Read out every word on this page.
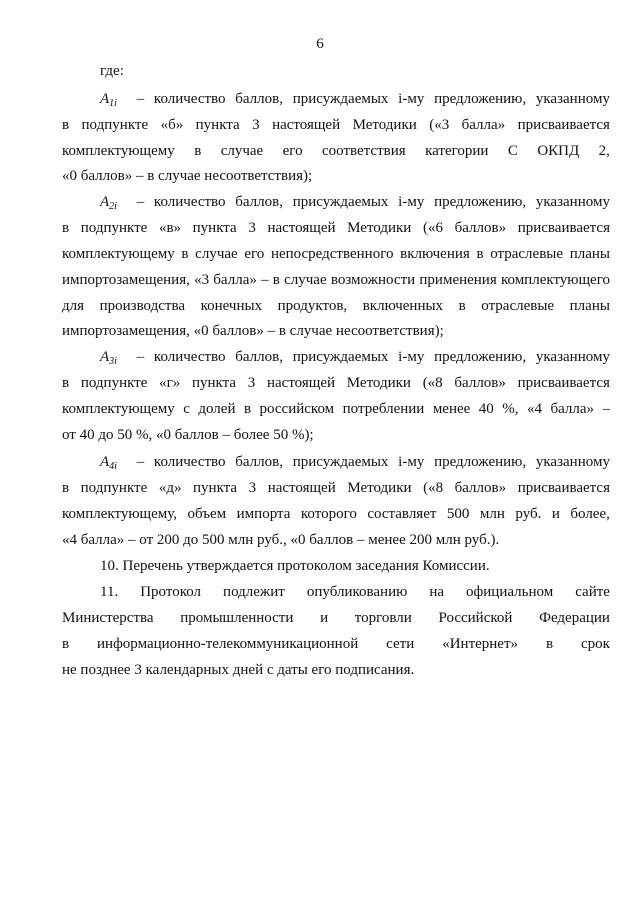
6
где:
$A_{1i}$ – количество баллов, присуждаемых i-му предложению, указанному
в подпункте «б» пункта 3 настоящей Методики («3 балла» присваивается
комплектующему в случае его соответствия категории С ОКПД 2,
«0 баллов» – в случае несоответствия);
$A_{2i}$ – количество баллов, присуждаемых i-му предложению, указанному
в подпункте «в» пункта 3 настоящей Методики («6 баллов» присваивается
комплектующему в случае его непосредственного включения в отраслевые планы
импортозамещения, «3 балла» – в случае возможности применения комплектующего
для производства конечных продуктов, включенных в отраслевые планы
импортозамещения, «0 баллов» – в случае несоответствия);
$A_{3i}$ – количество баллов, присуждаемых i-му предложению, указанному
в подпункте «г» пункта 3 настоящей Методики («8 баллов» присваивается
комплектующему с долей в российском потреблении менее 40 %, «4 балла» –
от 40 до 50 %, «0 баллов – более 50 %);
$A_{4i}$ – количество баллов, присуждаемых i-му предложению, указанному
в подпункте «д» пункта 3 настоящей Методики («8 баллов» присваивается
комплектующему, объем импорта которого составляет 500 млн руб. и более,
«4 балла» – от 200 до 500 млн руб., «0 баллов – менее 200 млн руб.).
10. Перечень утверждается протоколом заседания Комиссии.
11. Протокол подлежит опубликованию на официальном сайте
Министерства промышленности и торговли Российской Федерации
в информационно-телекоммуникационной сети «Интернет» в срок
не позднее 3 календарных дней с даты его подписания.
